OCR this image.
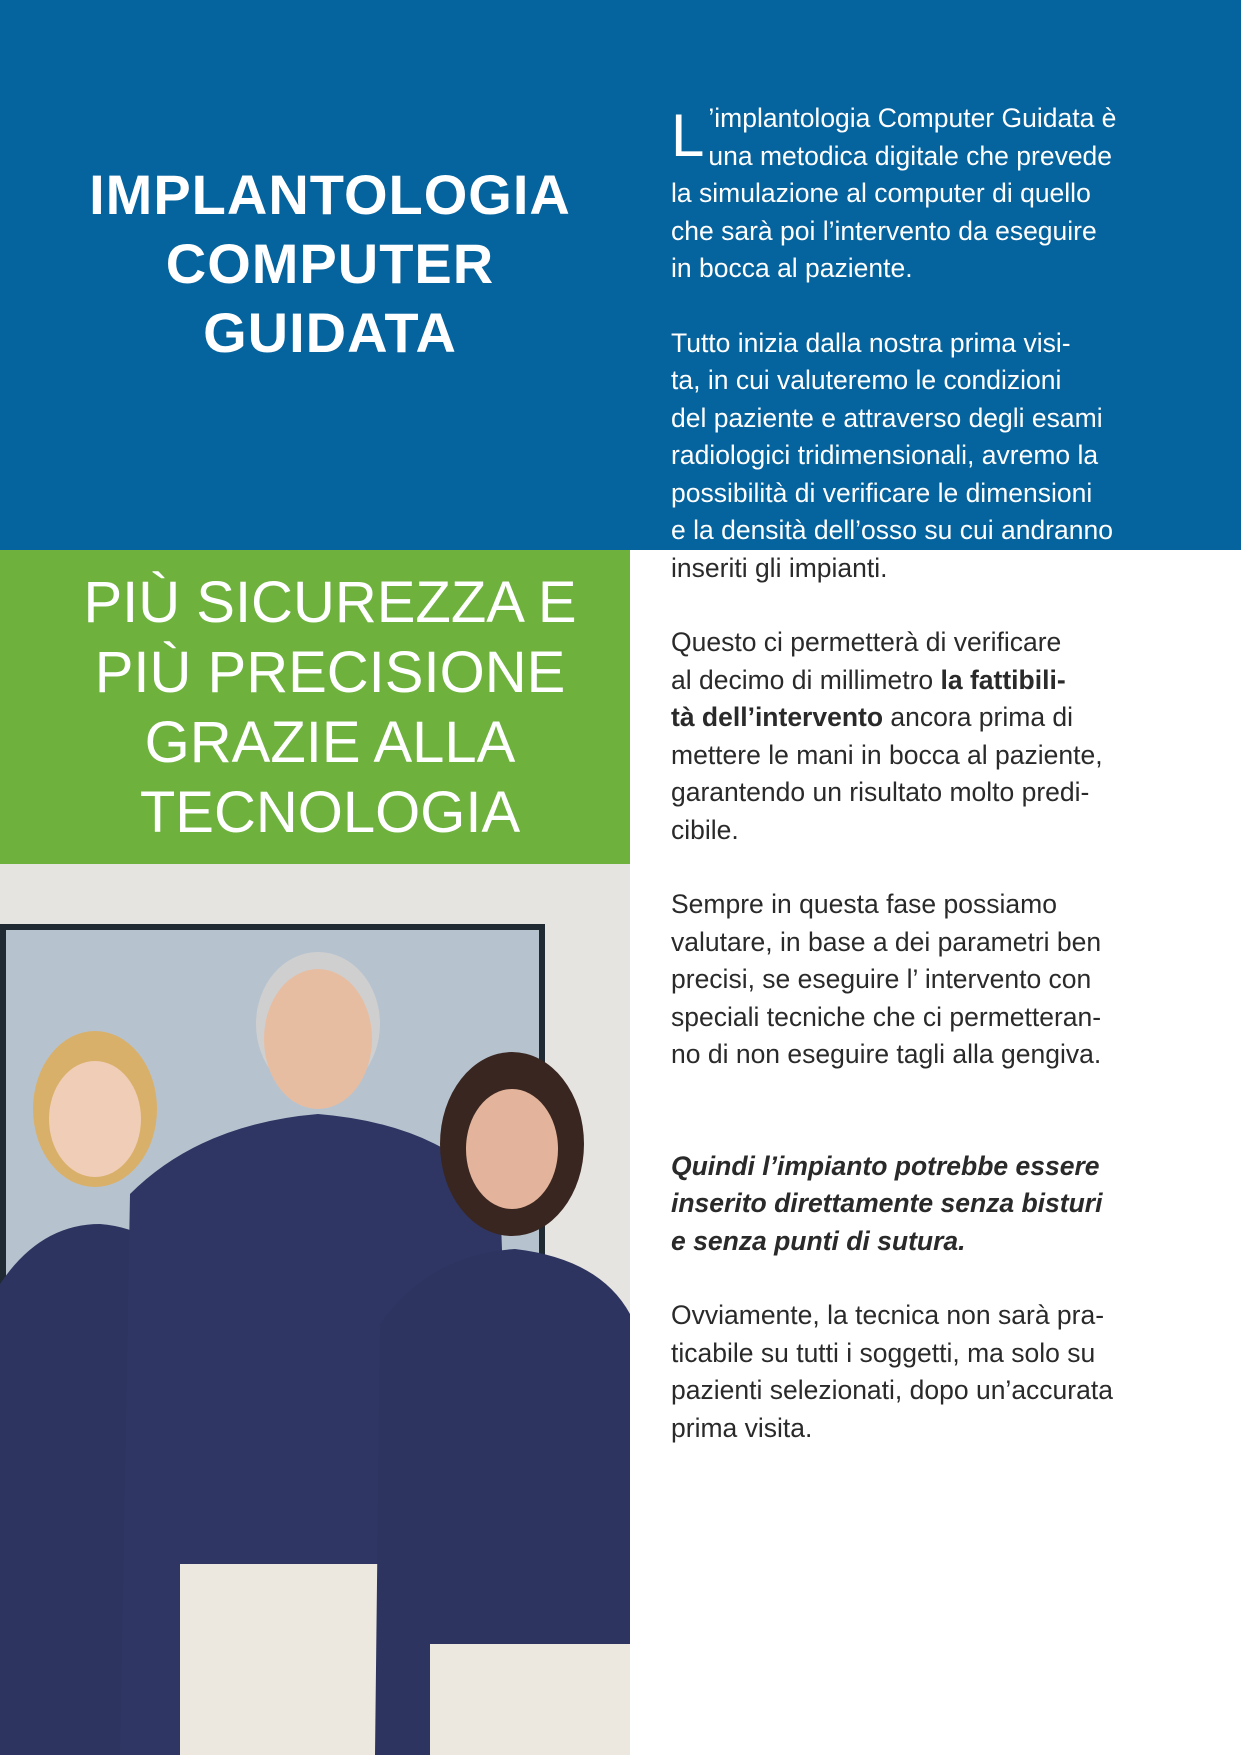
IMPLANTOLOGIA
COMPUTER
GUIDATA
PIÙ SICUREZZA E
PIÙ PRECISIONE
GRAZIE ALLA
TECNOLOGIA

L ’implantologia Computer Guidata è
una metodica digitale che prevede
la simulazione al computer di quello
che sarà poi l’intervento da eseguire
in bocca al paziente.

Tutto inizia dalla nostra prima visi-
ta, in cui valuteremo le condizioni
del paziente e attraverso degli esami
radiologici tridimensionali, avremo la
possibilità di verificare le dimensioni
e la densità dell’osso su cui andranno
inseriti gli impianti.

Questo ci permetterà di verificare
al decimo di millimetro la fattibili-
tà dell’intervento ancora prima di
mettere le mani in bocca al paziente,
garantendo un risultato molto predi-
cibile.

Sempre in questa fase possiamo
valutare, in base a dei parametri ben
precisi, se eseguire l’ intervento con
speciali tecniche che ci permetteran-
no di non eseguire tagli alla gengiva.

Quindi l’impianto potrebbe essere
inserito direttamente senza bisturi
e senza punti di sutura.

Ovviamente, la tecnica non sarà pra-
ticabile su tutti i soggetti, ma solo su
pazienti selezionati, dopo un’accurata
prima visita.
